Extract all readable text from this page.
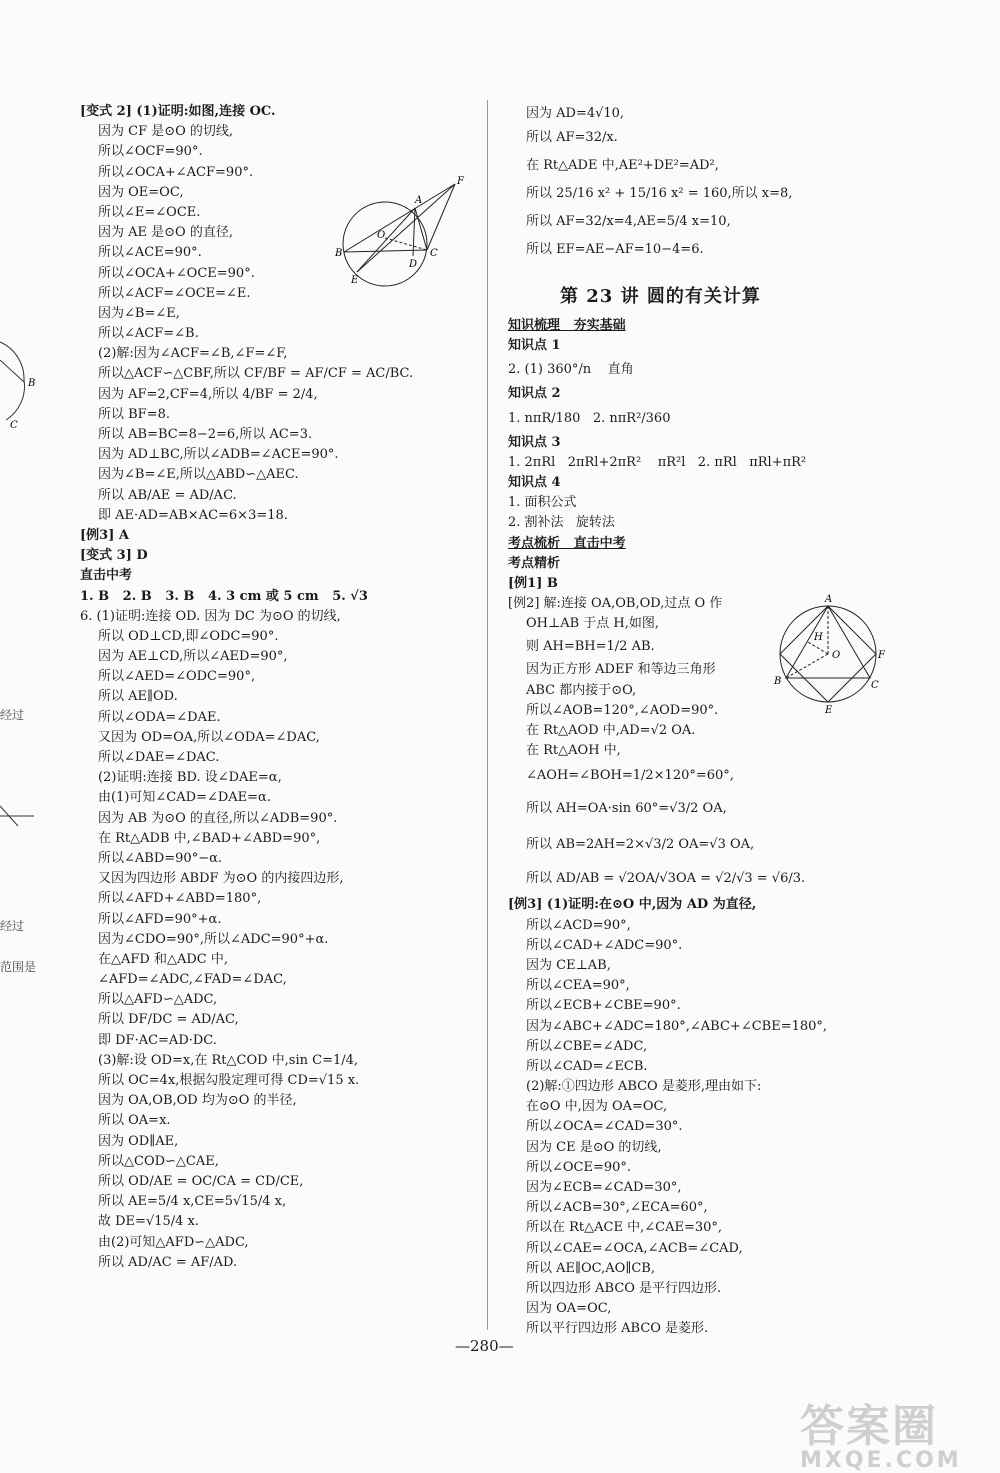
[变式 2] (1)证明:如图,连接 OC.
因为 CF 是⊙O 的切线,
所以∠OCF=90°.
所以∠OCA+∠ACF=90°.
因为 OE=OC,
所以∠E=∠OCE.
因为 AE 是⊙O 的直径,
所以∠ACE=90°.
所以∠OCA+∠OCE=90°.
所以∠ACF=∠OCE=∠E.
因为∠B=∠E,
所以∠ACF=∠B.
(2)解:因为∠ACF=∠B,∠F=∠F,
所以△ACF∽△CBF,所以 CF/BF = AF/CF = AC/BC.
因为 AF=2,CF=4,所以 4/BF = 2/4,
所以 BF=8.
所以 AB=BC=8−2=6,所以 AC=3.
因为 AD⊥BC,所以∠ADB=∠ACE=90°.
因为∠B=∠E,所以△ABD∽△AEC.
所以 AB/AE = AD/AC.
即 AE·AD=AB×AC=6×3=18.
[例3] A
[变式 3] D
直击中考
1. B   2. B   3. B   4. 3 cm 或 5 cm   5. √3
6. (1)证明:连接 OD. 因为 DC 为⊙O 的切线,
所以 OD⊥CD,即∠ODC=90°.
因为 AE⊥CD,所以∠AED=90°,
所以∠AED=∠ODC=90°,
所以 AE∥OD.
所以∠ODA=∠DAE.
又因为 OD=OA,所以∠ODA=∠DAC,
所以∠DAE=∠DAC.
(2)证明:连接 BD. 设∠DAE=α,
由(1)可知∠CAD=∠DAE=α.
因为 AB 为⊙O 的直径,所以∠ADB=90°.
在 Rt△ADB 中,∠BAD+∠ABD=90°,
所以∠ABD=90°−α.
又因为四边形 ABDF 为⊙O 的内接四边形,
所以∠AFD+∠ABD=180°,
所以∠AFD=90°+α.
因为∠CDO=90°,所以∠ADC=90°+α.
在△AFD 和△ADC 中,
∠AFD=∠ADC,∠FAD=∠DAC,
所以△AFD∽△ADC,
所以 DF/DC = AD/AC,
即 DF·AC=AD·DC.
(3)解:设 OD=x,在 Rt△COD 中,sin C=1/4,
所以 OC=4x,根据勾股定理可得 CD=√15 x.
因为 OA,OB,OD 均为⊙O 的半径,
所以 OA=x.
因为 OD∥AE,
所以△COD∽△CAE,
所以 OD/AE = OC/CA = CD/CE,
所以 AE=5/4 x,CE=5√15/4 x,
故 DE=√15/4 x.
由(2)可知△AFD∽△ADC,
所以 AD/AC = AF/AD.
A
F
O
B
D
C
E
因为 AD=4√10,
所以 AF=32/x.
在 Rt△ADE 中,AE²+DE²=AD²,
所以 25/16 x² + 15/16 x² = 160,所以 x=8,
所以 AF=32/x=4,AE=5/4 x=10,
所以 EF=AE−AF=10−4=6.
第 23 讲 圆的有关计算
知识梳理   夯实基础
知识点 1
2. (1) 360°/n    直角
知识点 2
1. nπR/180   2. nπR²/360
知识点 3
1. 2πRl   2πRl+2πR²    πR²l   2. πRl   πRl+πR²
知识点 4
1. 面积公式
2. 割补法   旋转法
考点梳析   直击中考
考点精析
[例1] B
[例2] 解:连接 OA,OB,OD,过点 O 作
OH⊥AB 于点 H,如图,
则 AH=BH=1/2 AB.
因为正方形 ADEF 和等边三角形
ABC 都内接于⊙O,
所以∠AOB=120°,∠AOD=90°.
在 Rt△AOD 中,AD=√2 OA.
在 Rt△AOH 中,
∠AOH=∠BOH=1/2×120°=60°,
所以 AH=OA·sin 60°=√3/2 OA,
所以 AB=2AH=2×√3/2 OA=√3 OA,
所以 AD/AB = √2OA/√3OA = √2/√3 = √6/3.
[例3] (1)证明:在⊙O 中,因为 AD 为直径,
所以∠ACD=90°,
所以∠CAD+∠ADC=90°.
因为 CE⊥AB,
所以∠CEA=90°,
所以∠ECB+∠CBE=90°.
因为∠ABC+∠ADC=180°,∠ABC+∠CBE=180°,
所以∠CBE=∠ADC,
所以∠CAD=∠ECB.
(2)解:①四边形 ABCO 是菱形,理由如下:
在⊙O 中,因为 OA=OC,
所以∠OCA=∠CAD=30°.
因为 CE 是⊙O 的切线,
所以∠OCE=90°.
因为∠ECB=∠CAD=30°,
所以∠ACB=30°,∠ECA=60°,
所以在 Rt△ACE 中,∠CAE=30°,
所以∠CAE=∠OCA,∠ACB=∠CAD,
所以 AE∥OC,AO∥CB,
所以四边形 ABCO 是平行四边形.
因为 OA=OC,
所以平行四边形 ABCO 是菱形.
A
H
O	F
B	C
E
B
C
经过
经过
范围是
—280—
答案圈
MXQE.COM
